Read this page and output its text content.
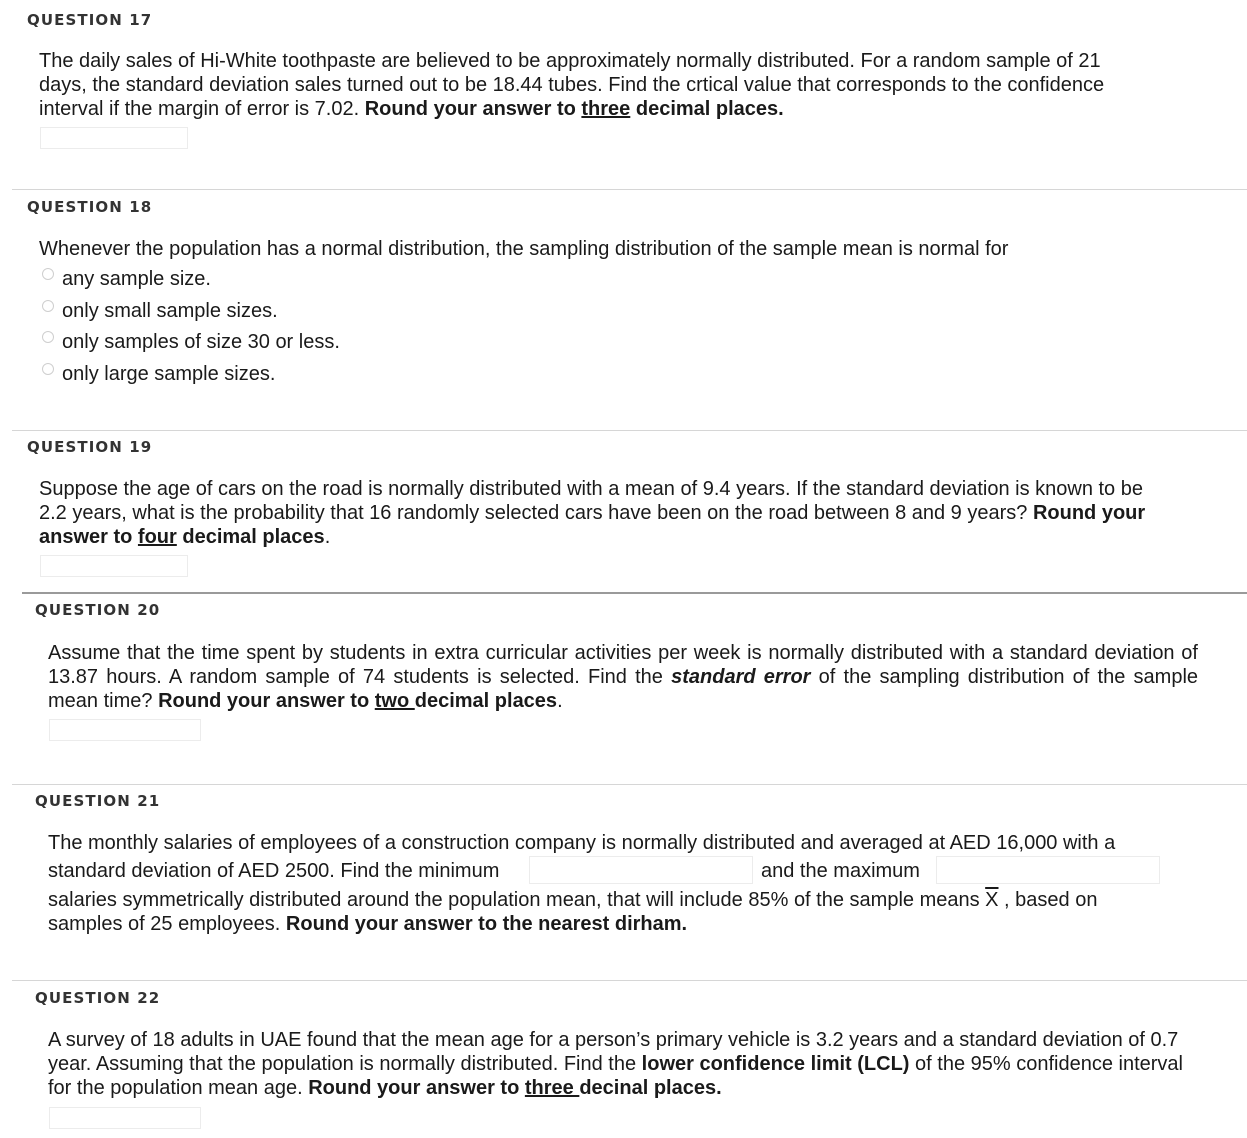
QUESTION 17
The daily sales of Hi-White toothpaste are believed to be approximately normally distributed. For a random sample of 21 days, the standard deviation sales turned out to be 18.44 tubes. Find the crtical value that corresponds to the confidence interval if the margin of error is 7.02. Round your answer to three decimal places.
QUESTION 18
Whenever the population has a normal distribution, the sampling distribution of the sample mean is normal for
any sample size.
only small sample sizes.
only samples of size 30 or less.
only large sample sizes.
QUESTION 19
Suppose the age of cars on the road is normally distributed with a mean of 9.4 years. If the standard deviation is known to be 2.2 years, what is the probability that 16 randomly selected cars have been on the road between 8 and 9 years? Round your answer to four decimal places.
QUESTION 20
Assume that the time spent by students in extra curricular activities per week is normally distributed with a standard deviation of 13.87 hours. A random sample of 74 students is selected. Find the standard error of the sampling distribution of the sample mean time? Round your answer to two decimal places.
QUESTION 21
The monthly salaries of employees of a construction company is normally distributed and averaged at AED 16,000 with a
standard deviation of AED 2500. Find the minimum	and the maximum
salaries symmetrically distributed around the population mean, that will include 85% of the sample means $\overline{X}$ , based on
samples of 25 employees. Round your answer to the nearest dirham.
QUESTION 22
A survey of 18 adults in UAE found that the mean age for a person’s primary vehicle is 3.2 years and a standard deviation of 0.7 year. Assuming that the population is normally distributed. Find the lower confidence limit (LCL) of the 95% confidence interval for the population mean age. Round your answer to three decinal places.
